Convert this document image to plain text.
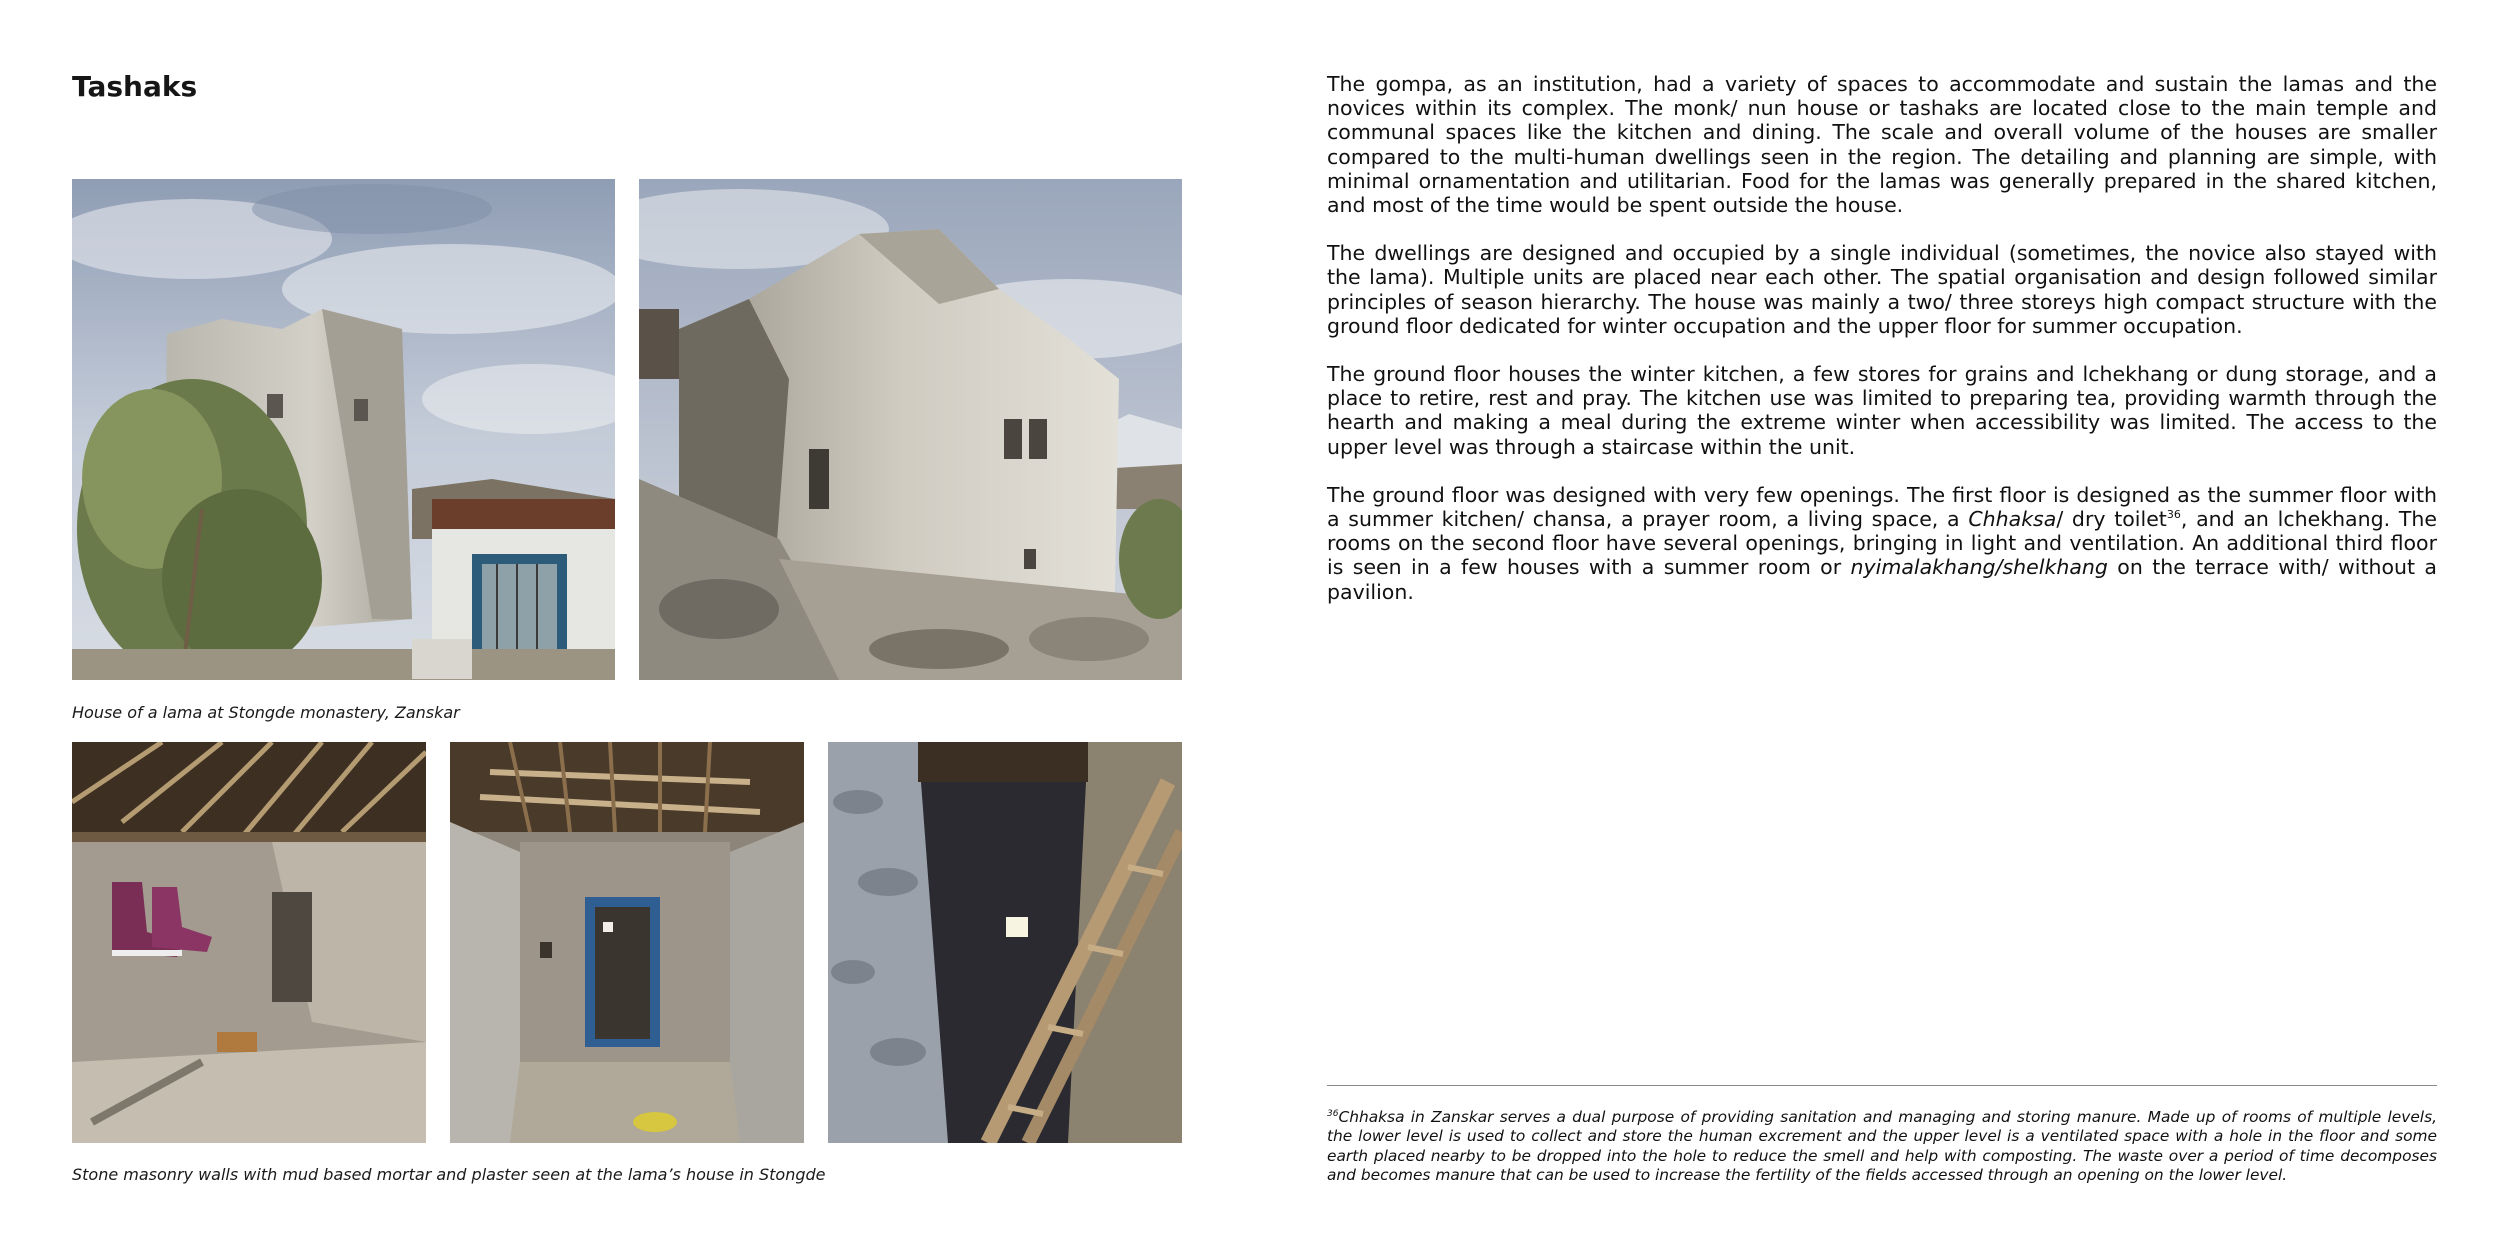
Tashaks

House of a lama at Stongde monastery, Zanskar

Stone masonry walls with mud based mortar and plaster seen at the lama’s house in Stongde

The gompa, as an institution, had a variety of spaces to accommodate and sustain the lamas and the novices within its complex. The monk/ nun house or tashaks are located close to the main temple and communal spaces like the kitchen and dining. The scale and overall volume of the houses are smaller compared to the multi-human dwellings seen in the region. The detailing and planning are simple, with minimal ornamentation and utilitarian. Food for the lamas was generally prepared in the shared kitchen, and most of the time would be spent outside the house.

The dwellings are designed and occupied by a single individual (sometimes, the novice also stayed with the lama). Multiple units are placed near each other. The spatial organisation and design followed similar principles of season hierarchy. The house was mainly a two/ three storeys high compact structure with the ground floor dedicated for winter occupation and the upper floor for summer occupation.

The ground floor houses the winter kitchen, a few stores for grains and lchekhang or dung storage, and a place to retire, rest and pray. The kitchen use was limited to preparing tea, providing warmth through the hearth and making a meal during the extreme winter when accessibility was limited. The access to the upper level was through a staircase within the unit.

The ground floor was designed with very few openings. The first floor is designed as the summer floor with a summer kitchen/ chansa, a prayer room, a living space, a Chhaksa/ dry toilet$^{36}$, and an lchekhang. The rooms on the second floor have several openings, bringing in light and ventilation. An additional third floor is seen in a few houses with a summer room or nyimalakhang/shelkhang on the terrace with/ without a pavilion.

$^{36}$Chhaksa in Zanskar serves a dual purpose of providing sanitation and managing and storing manure. Made up of rooms of multiple levels, the lower level is used to collect and store the human excrement and the upper level is a ventilated space with a hole in the floor and some earth placed nearby to be dropped into the hole to reduce the smell and help with composting. The waste over a period of time decomposes and becomes manure that can be used to increase the fertility of the fields accessed through an opening on the lower level.
